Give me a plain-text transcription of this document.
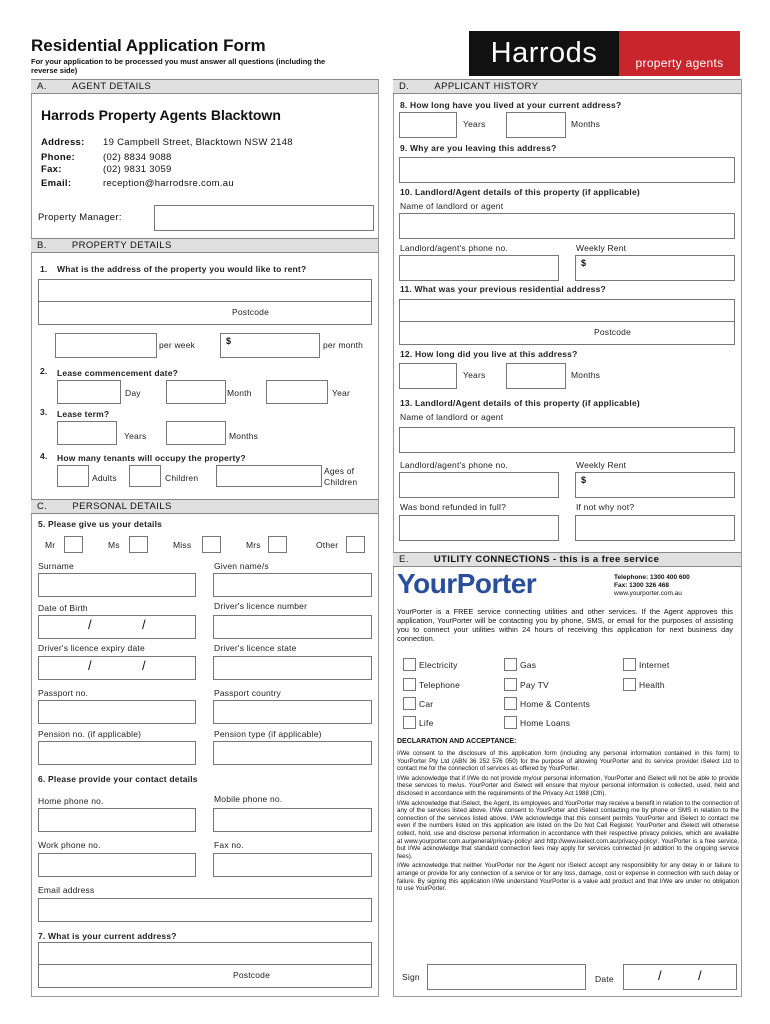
Residential Application Form
For your application to be processed you must answer all questions (including the reverse side)
Harrods	property agents
A.	AGENT DETAILS
Harrods Property Agents Blacktown
Address: 19 Campbell Street, Blacktown NSW 2148
Phone:	(02) 8834 9088
Fax:	(02) 9831 3059
Email:	reception@harrodsre.com.au
Property Manager:
B.	PROPERTY DETAILS
1. What is the address of the property you would like to rent?
Postcode
per week	$	per month
2. Lease commencement date?
Day	Month	Year
3. Lease term?
Years	Months
4. How many tenants will occupy the property?
Adults	Children
Ages of Children
C.	PERSONAL DETAILS
5. Please give us your details
Mr	Ms	Miss	Mrs	Other
Surname	Given name/s
Date of Birth	Driver's licence number
/	/
Driver's licence expiry date	Driver's licence state
/	/
Passport no.	Passport country
Pension no. (if applicable)	Pension type (if applicable)
6. Please provide your contact details
Home phone no.	Mobile phone no.
Work phone no.	Fax no.
Email address
7. What is your current address?
Postcode
D.	APPLICANT HISTORY
8. How long have you lived at your current address?
Years	Months
9. Why are you leaving this address?
10. Landlord/Agent details of this property (if applicable)
Name of landlord or agent
Landlord/agent's phone no.	Weekly Rent
$
11. What was your previous residential address?
Postcode
12. How long did you live at this address?
Years	Months
13. Landlord/Agent details of this property (if applicable)
Name of landlord or agent
Landlord/agent's phone no.	Weekly Rent
$
Was bond refunded in full?	If not why not?
E.	UTILITY CONNECTIONS - this is a free service
YourPorter	Telephone: 1300 400 600
Fax: 1300 326 468
www.yourporter.com.au
YourPorter is a FREE service connecting utilities and other services. If the Agent approves this application, YourPorter will be contacting you by phone, SMS, or email for the purposes of assisting you to connect your utilities within 24 hours of receiving this application for next business day connection.
Electricity	Gas	Internet
Telephone	Pay TV	Health
Car	Home & Contents
Life	Home Loans
DECLARATION AND ACCEPTANCE:
I/We consent to the disclosure of this application form (including any personal information contained in this form) to YourPorter Pty Ltd (ABN 36 252 576 050) for the purpose of allowing YourPorter and its service provider iSelect Ltd to contact me for the connection of services as offered by YourPorter.
I/We acknowledge that if I/We do not provide my/our personal information, YourPorter and iSelect will not be able to provide these services to me/us. YourPorter and iSelect will ensure that my/our personal information is collected, used, held and disclosed in accordance with the requirements of the Privacy Act 1988 (Cth).
I/We acknowledge that iSelect, the Agent, its employees and YourPorter may receive a benefit in relation to the connection of any of the services listed above. I/We consent to YourPorter and iSelect contacting me by phone or SMS in relation to the connection of the services listed above. I/We acknowledge that this consent permits YourPorter and iSelect to contact me even if the numbers listed on this application are listed on the Do Not Call Register. YourPorter and iSelect will otherwise collect, hold, use and disclose personal information in accordance with their respective privacy policies, which are available at www.yourporter.com.au/general/privacy-policy/ and http://www.iselect.com.au/privacy-policy/. YourPorter is a free service, but I/We acknowledge that standard connection fees may apply for services connected (in addition to the ongoing service fees).
I/We acknowledge that neither YourPorter nor the Agent nor iSelect accept any responsibility for any delay in or failure to arrange or provide for any connection of a service or for any loss, damage, cost or expense in connection with such delay or failure. By signing this application I/We understand YourPorter is a value add product and that I/We are under no obligation to use YourPorter.
Sign	Date	/	/
